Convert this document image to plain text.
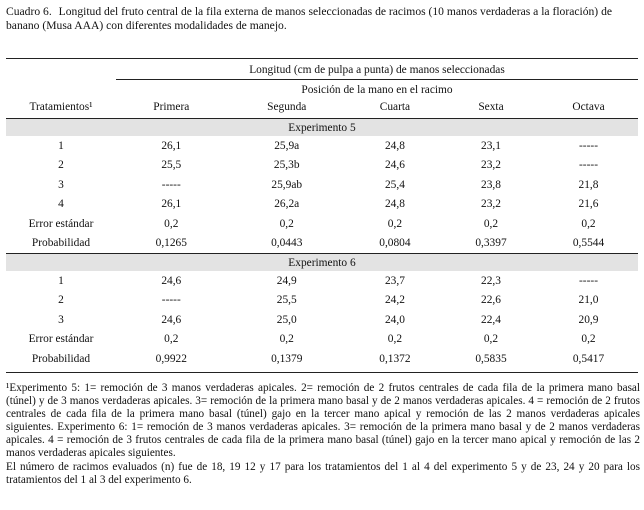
Cuadro 6. Longitud del fruto central de la fila externa de manos seleccionadas de racimos (10 manos verdaderas a la floración) de banano (Musa AAA) con diferentes modalidades de manejo.
Longitud (cm de pulpa a punta) de manos seleccionadas
Posición de la mano en el racimo
Tratamientos¹	Primera	Segunda	Cuarta	Sexta	Octava
Experimento 5					
1	26,1	25,9a	24,8	23,1	-----
2	25,5	25,3b	24,6	23,2	-----
3	-----	25,9ab	25,4	23,8	21,8
4	26,1	26,2a	24,8	23,2	21,6
Error estándar	0,2	0,2	0,2	0,2	0,2
Probabilidad	0,1265	0,0443	0,0804	0,3397	0,5544
Experimento 6					
1	24,6	24,9	23,7	22,3	-----
2	-----	25,5	24,2	22,6	21,0
3	24,6	25,0	24,0	22,4	20,9
Error estándar	0,2	0,2	0,2	0,2	0,2
Probabilidad	0,9922	0,1379	0,1372	0,5835	0,5417

¹Experimento 5: 1= remoción de 3 manos verdaderas apicales. 2= remoción de 2 frutos centrales de cada fila de la primera mano basal (túnel) y de 3 manos verdaderas apicales. 3= remoción de la primera mano basal y de 2 manos verdaderas apicales. 4 = remoción de 2 frutos centrales de cada fila de la primera mano basal (túnel) gajo en la tercer mano apical y remoción de las 2 manos verdaderas apicales siguientes. Experimento 6: 1= remoción de 3 manos verdaderas apicales. 3= remoción de la primera mano basal y de 2 manos verdaderas apicales. 4 = remoción de 3 frutos centrales de cada fila de la primera mano basal (túnel) gajo en la tercer mano apical y remoción de las 2 manos verdaderas apicales siguientes.

El número de racimos evaluados (n) fue de 18, 19 12 y 17 para los tratamientos del 1 al 4 del experimento 5 y de 23, 24 y 20 para los tratamientos del 1 al 3 del experimento 6.
